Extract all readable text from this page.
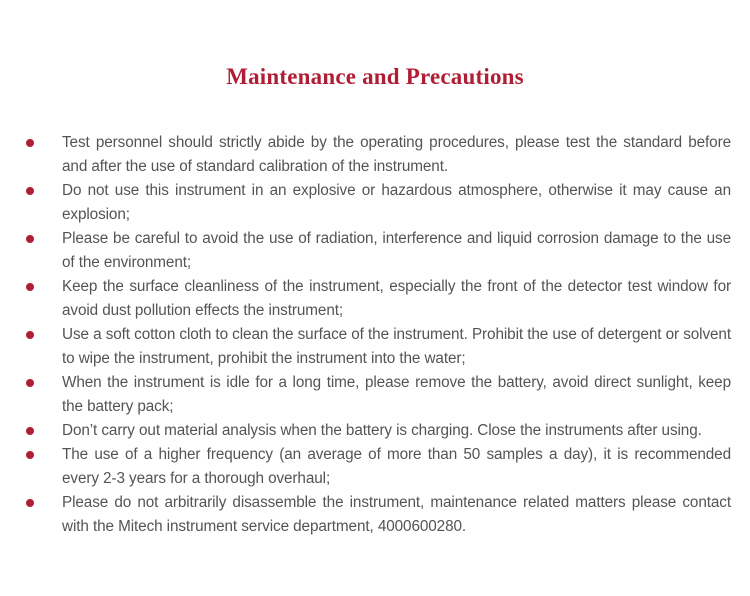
Maintenance and Precautions
Test personnel should strictly abide by the operating procedures, please test the standard before and after the use of standard calibration of the instrument.
Do not use this instrument in an explosive or hazardous atmosphere, otherwise it may cause an explosion;
Please be careful to avoid the use of radiation, interference and liquid corrosion damage to the use of the environment;
Keep the surface cleanliness of the instrument, especially the front of the detector test window for avoid dust pollution effects the instrument;
Use a soft cotton cloth to clean the surface of the instrument. Prohibit the use of detergent or solvent to wipe the instrument, prohibit the instrument into the water;
When the instrument is idle for a long time, please remove the battery, avoid direct sunlight, keep the battery pack;
Don’t carry out material analysis when the battery is charging. Close the instruments after using.
The use of a higher frequency (an average of more than 50 samples a day), it is recommended every 2-3 years for a thorough overhaul;
Please do not arbitrarily disassemble the instrument, maintenance related matters please contact with the Mitech instrument service department, 4000600280.
